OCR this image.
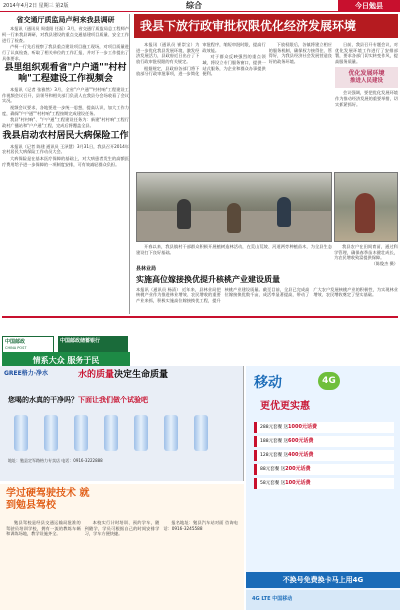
2014年4月2日 星期三 第2版	综合	今日勉县
省交通厅质监局卢柯来我县调研

本报讯（通讯员 周重阳 任磊）3月，省交通厅质监局总工程师卢柯一行来我县调研，对我县建设的重点交通基建项目质量、安全工作进行了检查。

卢柯一行先后视察了我县重点建设项目施工现场，对项目质量进行了认真检查，听取了相关单位的工作汇报，并对下一步工作提出了具体要求。

县里组织观看省"户户通""村村响"工程建设工作视频会

本报讯（记者 张雅然）3月，全省"户户通""村村响"工程建设工作视频会议召开，县领导和相关部门负责人在我县分会场收看了会议实况。

视频会议要求，各地要进一步统一思想，提高认识，加大工作力度，确保"户户通""村村响"工程按期完成建设任务。

我县"村村响"、"户户通"工程建设任务为：新建"村村响"工程行政村广播站和"户户通"工程，完成后将覆盖全县。

我县启动农村居民大病保险工作

本报讯（记者 陈建 通讯员 王泽慧）3月31日，我县召开2014年农村居民大病保险工作动员大会。

大病保险是在基本医疗保障的基础上，对大病患者发生的高额医疗费用给予进一步保障的一项制度安排，可有效减轻群众负担。

中国邮政
CHINA POST
中国邮政储蓄银行
情系大众 服务于民
我县下放行政审批权限优化经济发展环境

本报讯（通讯员 崔崇宝）为进一步优化我县发展环境，激发经济发展活力，县政府近日出台了下放行政审批权限的有关规定。

根据规定，县政府各部门将下放部分行政审批事项，进一步简化审批程序，缩短审批时限，提高行政效能。

对于群众反映强烈的重点领域，将设立专门服务窗口，提供一站式服务，为企业和群众办事提供便利。

下放权限后，各镇将建立相应的服务机制，确保权力接得住、管得好，为我县经济社会发展营造良好的政务环境。

日前，我县召开专题会议，对优化发展环境工作进行了安排部署，要求各部门切实转变作风，提高服务质量。

优化发展环境
推进人民建设

会议强调，要把优化发展环境作为推动经济发展的重要举措，切实抓紧抓好。

开春以来，我县镇村干部群众积极开展植树造林活动，在荒山荒坡、河道两旁种植苗木，为全县生态建设打下良好基础。
我县农户在田间育苗，通过科学管理，确保春季苗木健壮成长，为农民增收致富提供保障。
（陈俊杰 摄）
县林业局
实施高位嫁接换优提升核桃产业建设质量
本报讯（通讯员 杨清） 近年来，县林业局把核桃产业作为推进林业增效、农民增收的重要产业来抓，积极实施高位嫁接换优工程，提升核桃产业建设质量。截至目前，全县已完成高位嫁接换优数千亩，成活率显著提高，带动了广大农户发展核桃产业的积极性，为实现林业增效、农民增收奠定了坚实基础。
GREE格力·净水	水的质量决定生命质量
您喝的水真的干净吗？下面让我们做个试验吧
地址：勉县定军路格力专卖店 电话：0916-3222888
移动	4G
更优更实惠
288元套餐 送1000元话费
188元套餐 送600元话费
128元套餐 送400元话费
88元套餐 送200元话费
58元套餐 送100元话费
不换号免费换卡马上用4G
4G LTE 中国移动
学过硬驾驶技术 就到勉县驾校

勉县驾校是经县交通运输局批准的驾驶员培训学校，拥有一流的教练车辆和训练场地，教学设施齐全。

本校实行计时培训、预约学车，随到随学，学员可根据自己的时间安排学习，学车方便快捷。

报名地址：勉县汽车站对面 咨询电话：0916-3245588
